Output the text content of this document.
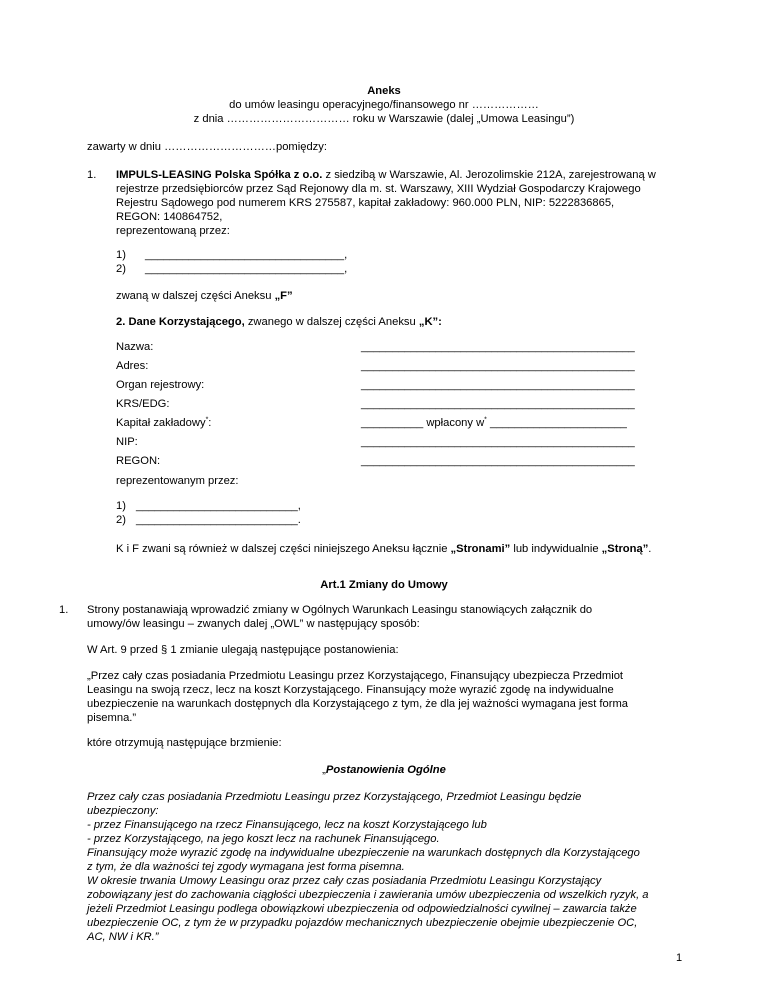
Aneks
do umów leasingu operacyjnego/finansowego nr ………………
z dnia …………………………… roku w Warszawie (dalej „Umowa Leasingu”)
zawarty w dniu …………………………pomiędzy:
1. IMPULS-LEASING Polska Spółka z o.o. z siedzibą w Warszawie, Al. Jerozolimskie 212A, zarejestrowaną w
rejestrze przedsiębiorców przez Sąd Rejonowy dla m. st. Warszawy, XIII Wydział Gospodarczy Krajowego
Rejestru Sądowego pod numerem KRS 275587, kapitał zakładowy: 960.000 PLN, NIP: 5222836865,
REGON: 140864752,
reprezentowaną przez:
1) ________________________________,
2) ________________________________,
zwaną w dalszej części Aneksu „F”
2. Dane Korzystającego, zwanego w dalszej części Aneksu „K”:
Nazwa:	____________________________________________
Adres:	____________________________________________
Organ rejestrowy:	____________________________________________
KRS/EDG:	____________________________________________
Kapitał zakładowy*:	__________ wpłacony w* ______________________
NIP:	____________________________________________
REGON:	____________________________________________
reprezentowanym przez:
1) __________________________,
2) __________________________.
K i F zwani są również w dalszej części niniejszego Aneksu łącznie „Stronami” lub indywidualnie „Stroną”.
Art.1 Zmiany do Umowy
1. Strony postanawiają wprowadzić zmiany w Ogólnych Warunkach Leasingu stanowiących załącznik do
umowy/ów leasingu – zwanych dalej „OWL” w następujący sposób:
W Art. 9 przed § 1 zmianie ulegają następujące postanowienia:
„Przez cały czas posiadania Przedmiotu Leasingu przez Korzystającego, Finansujący ubezpiecza Przedmiot
Leasingu na swoją rzecz, lecz na koszt Korzystającego. Finansujący może wyrazić zgodę na indywidualne
ubezpieczenie na warunkach dostępnych dla Korzystającego z tym, że dla jej ważności wymagana jest forma
pisemna.”
które otrzymują następujące brzmienie:
„Postanowienia Ogólne
Przez cały czas posiadania Przedmiotu Leasingu przez Korzystającego, Przedmiot Leasingu będzie
ubezpieczony:
- przez Finansującego na rzecz Finansującego, lecz na koszt Korzystającego lub
- przez Korzystającego, na jego koszt lecz na rachunek Finansującego.
Finansujący może wyrazić zgodę na indywidualne ubezpieczenie na warunkach dostępnych dla Korzystającego
z tym, że dla ważności tej zgody wymagana jest forma pisemna.
W okresie trwania Umowy Leasingu oraz przez cały czas posiadania Przedmiotu Leasingu Korzystający
zobowiązany jest do zachowania ciągłości ubezpieczenia i zawierania umów ubezpieczenia od wszelkich ryzyk, a
jeżeli Przedmiot Leasingu podlega obowiązkowi ubezpieczenia od odpowiedzialności cywilnej – zawarcia także
ubezpieczenie OC, z tym że w przypadku pojazdów mechanicznych ubezpieczenie obejmie ubezpieczenie OC,
AC, NW i KR.”
1
